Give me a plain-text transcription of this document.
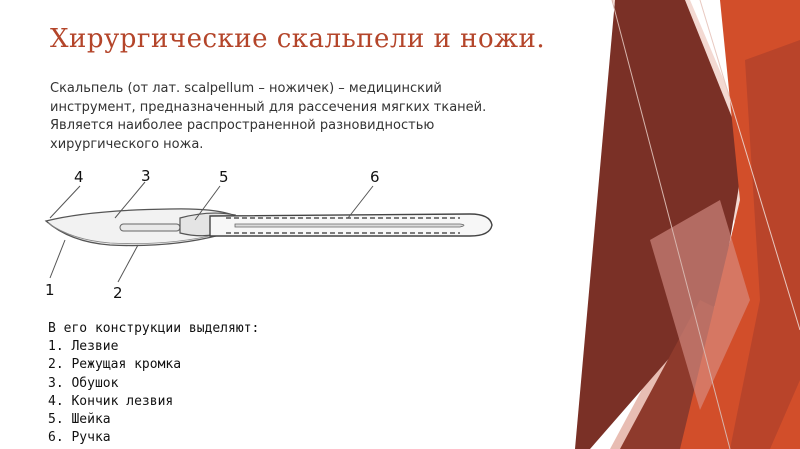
Хирургические скальпели и ножи.
Скальпель (от лат. scalpellum – ножичек) – медицинский
инструмент, предназначенный для рассечения мягких тканей.
Является наиболее распространенной разновидностью
хирургического ножа.
4	3	5	6
1	2
В его конструкции выделяют:
1. Лезвие
2. Режущая кромка
3. Обушок
4. Кончик лезвия
5. Шейка
6. Ручка
